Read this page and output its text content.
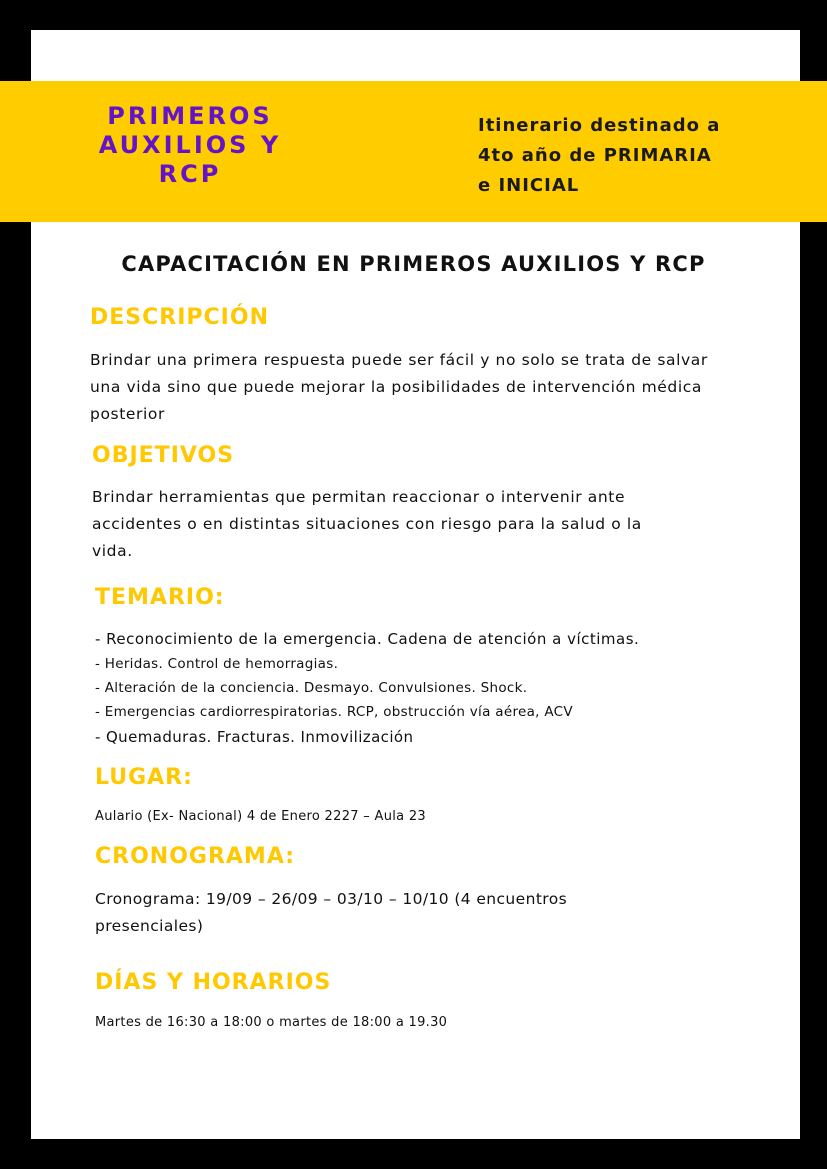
PRIMEROS
AUXILIOS Y
RCP

Itinerario destinado a
4to año de PRIMARIA
e INICIAL

CAPACITACIÓN EN PRIMEROS AUXILIOS Y RCP
DESCRIPCIÓN

Brindar una primera respuesta puede ser fácil y no solo se trata de salvar
una vida sino que puede mejorar la posibilidades de intervención médica
posterior

OBJETIVOS

Brindar herramientas que permitan reaccionar o intervenir ante
accidentes o en distintas situaciones con riesgo para la salud o la
vida.

TEMARIO:
- Reconocimiento de la emergencia. Cadena de atención a víctimas.
- Heridas. Control de hemorragias.
- Alteración de la conciencia. Desmayo. Convulsiones. Shock.
- Emergencias cardiorrespiratorias. RCP, obstrucción vía aérea, ACV
- Quemaduras. Fracturas. Inmovilización
LUGAR:

Aulario (Ex- Nacional) 4 de Enero 2227 – Aula 23

CRONOGRAMA:

Cronograma: 19/09 – 26/09 – 03/10 – 10/10 (4 encuentros
presenciales)

DÍAS Y HORARIOS

Martes de 16:30 a 18:00 o martes de 18:00 a 19.30
